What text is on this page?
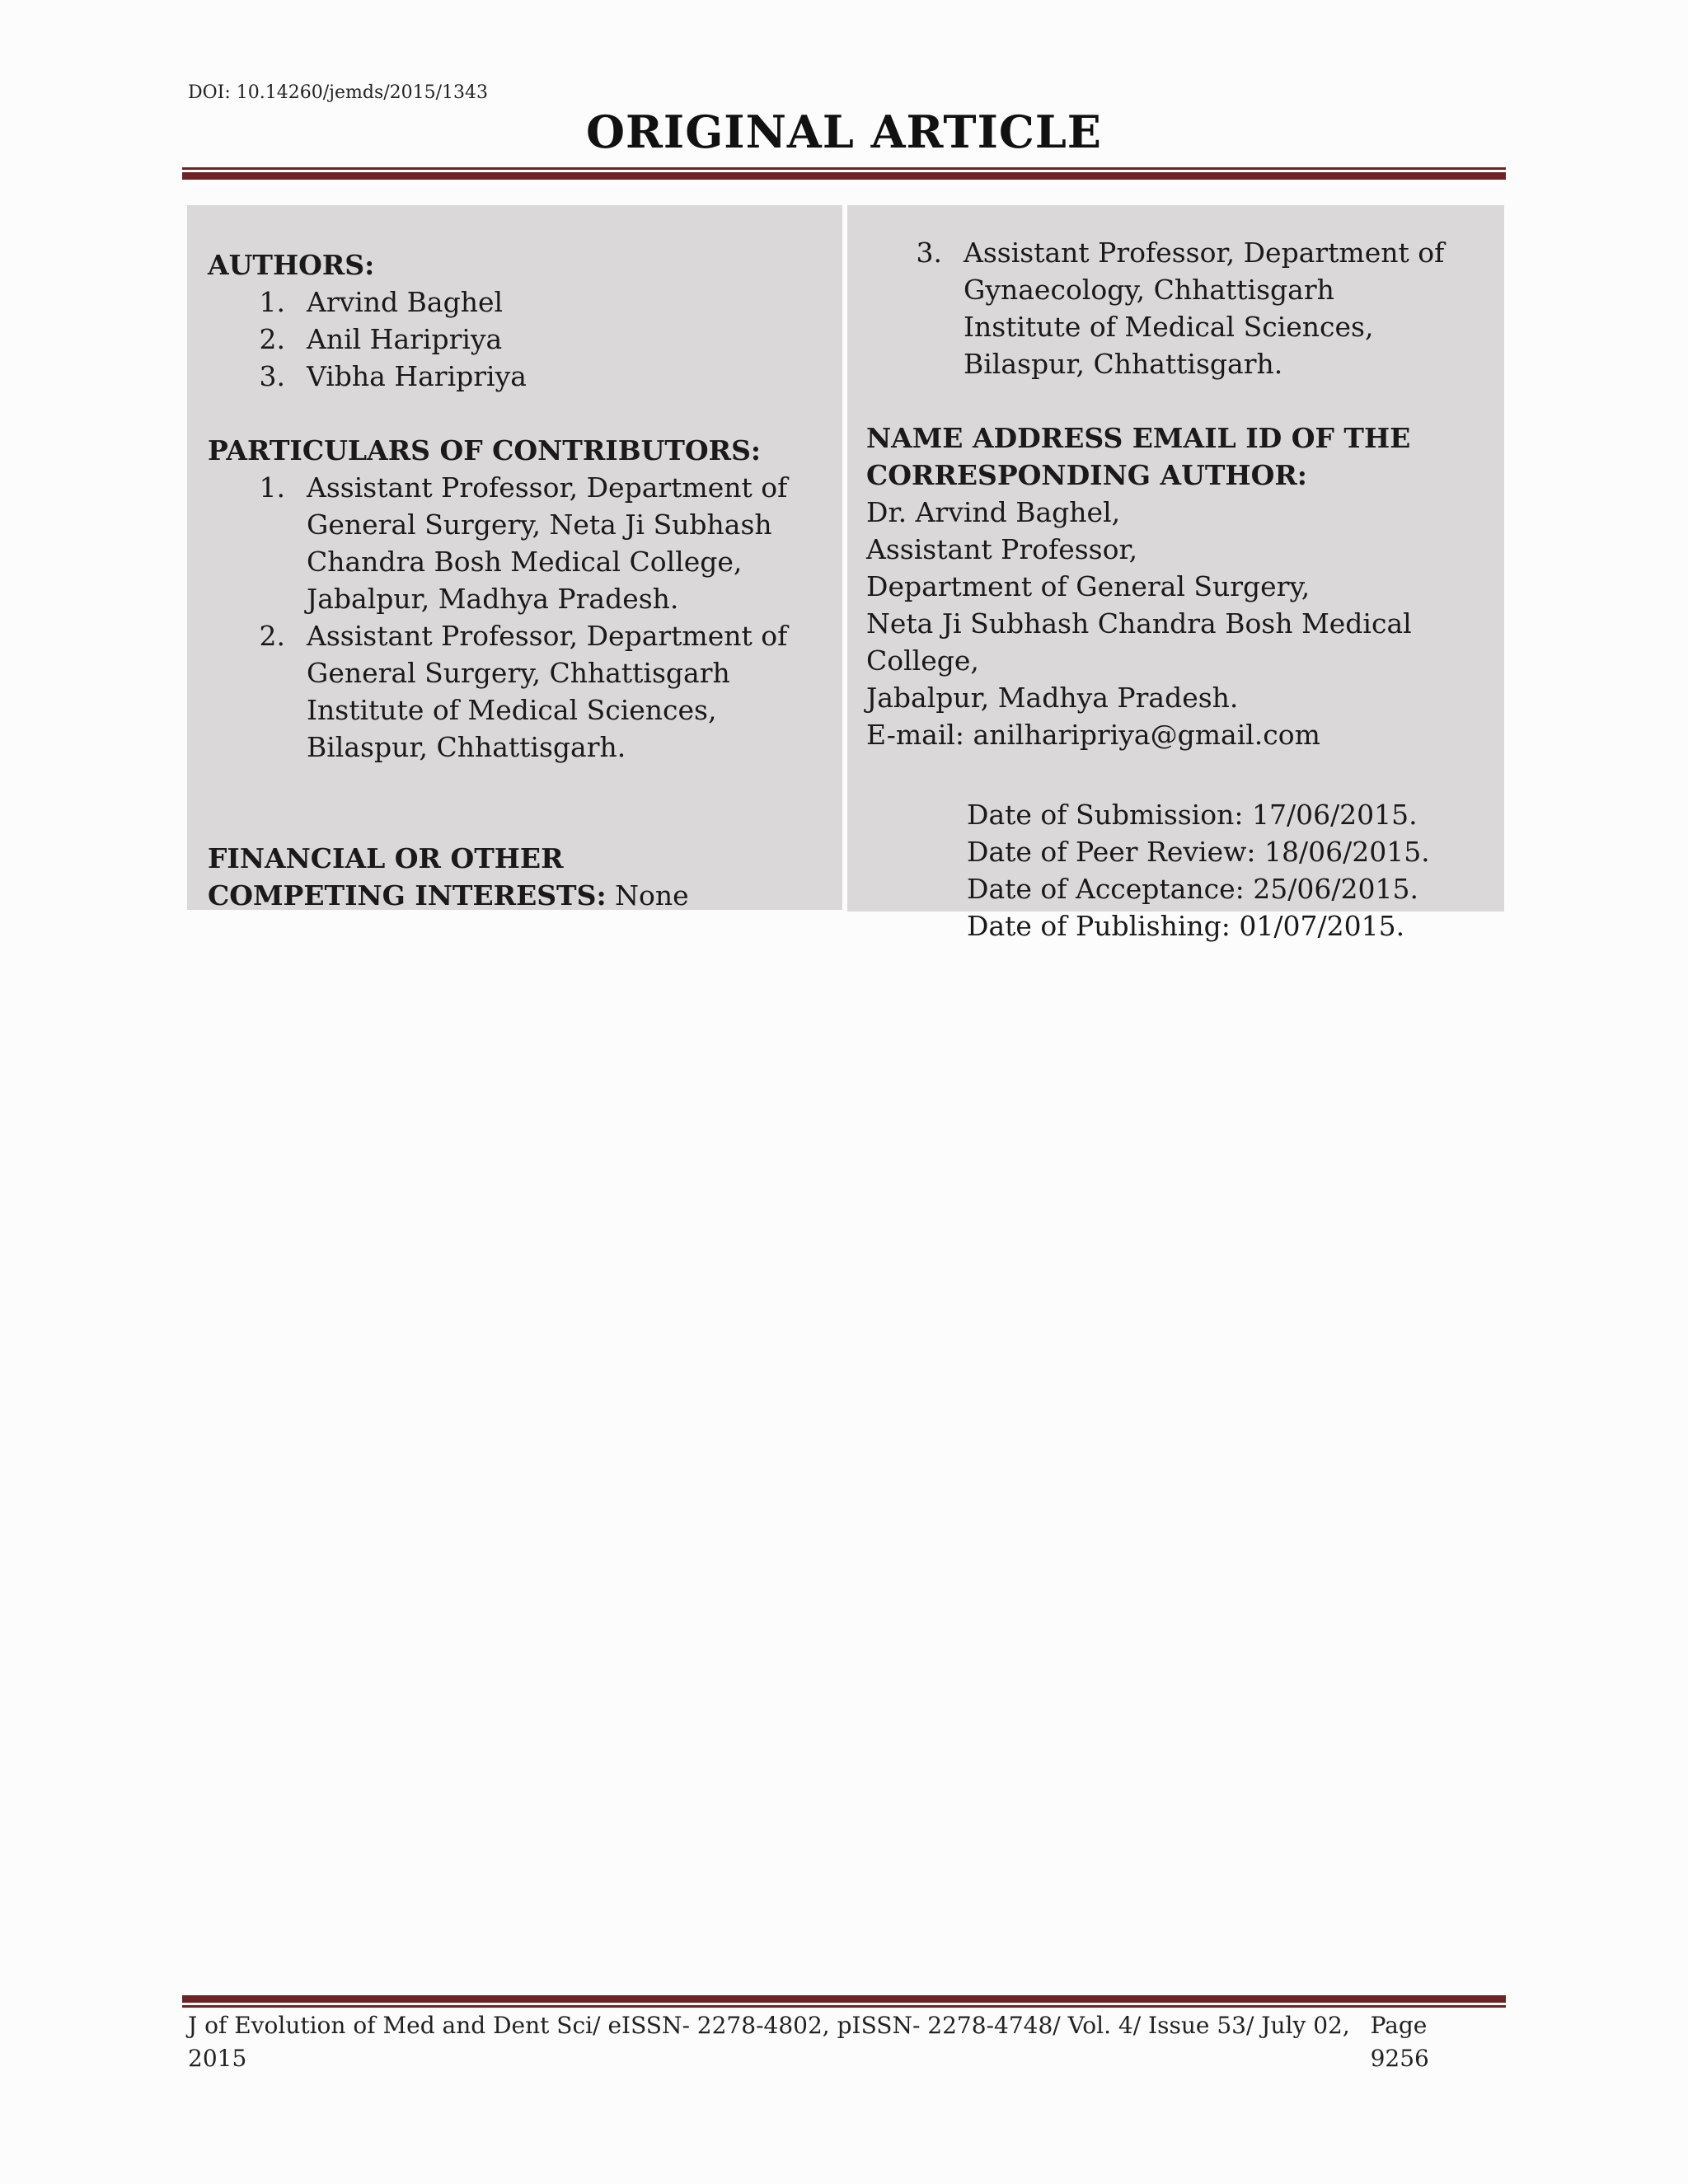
DOI: 10.14260/jemds/2015/1343
ORIGINAL ARTICLE
AUTHORS:
1. Arvind Baghel
2. Anil Haripriya
3. Vibha Haripriya
PARTICULARS OF CONTRIBUTORS:
1. Assistant Professor, Department of General Surgery, Neta Ji Subhash Chandra Bosh Medical College, Jabalpur, Madhya Pradesh.
2. Assistant Professor, Department of General Surgery, Chhattisgarh Institute of Medical Sciences, Bilaspur, Chhattisgarh.
FINANCIAL OR OTHER
COMPETING INTERESTS: None
3. Assistant Professor, Department of Gynaecology, Chhattisgarh Institute of Medical Sciences, Bilaspur, Chhattisgarh.
NAME ADDRESS EMAIL ID OF THE
CORRESPONDING AUTHOR:
Dr. Arvind Baghel,
Assistant Professor,
Department of General Surgery,
Neta Ji Subhash Chandra Bosh Medical College,
Jabalpur, Madhya Pradesh.
E-mail: anilharipriya@gmail.com
Date of Submission: 17/06/2015.
Date of Peer Review: 18/06/2015.
Date of Acceptance: 25/06/2015.
Date of Publishing: 01/07/2015.
J of Evolution of Med and Dent Sci/ eISSN- 2278-4802, pISSN- 2278-4748/ Vol. 4/ Issue 53/ July 02, 2015
Page 9256
